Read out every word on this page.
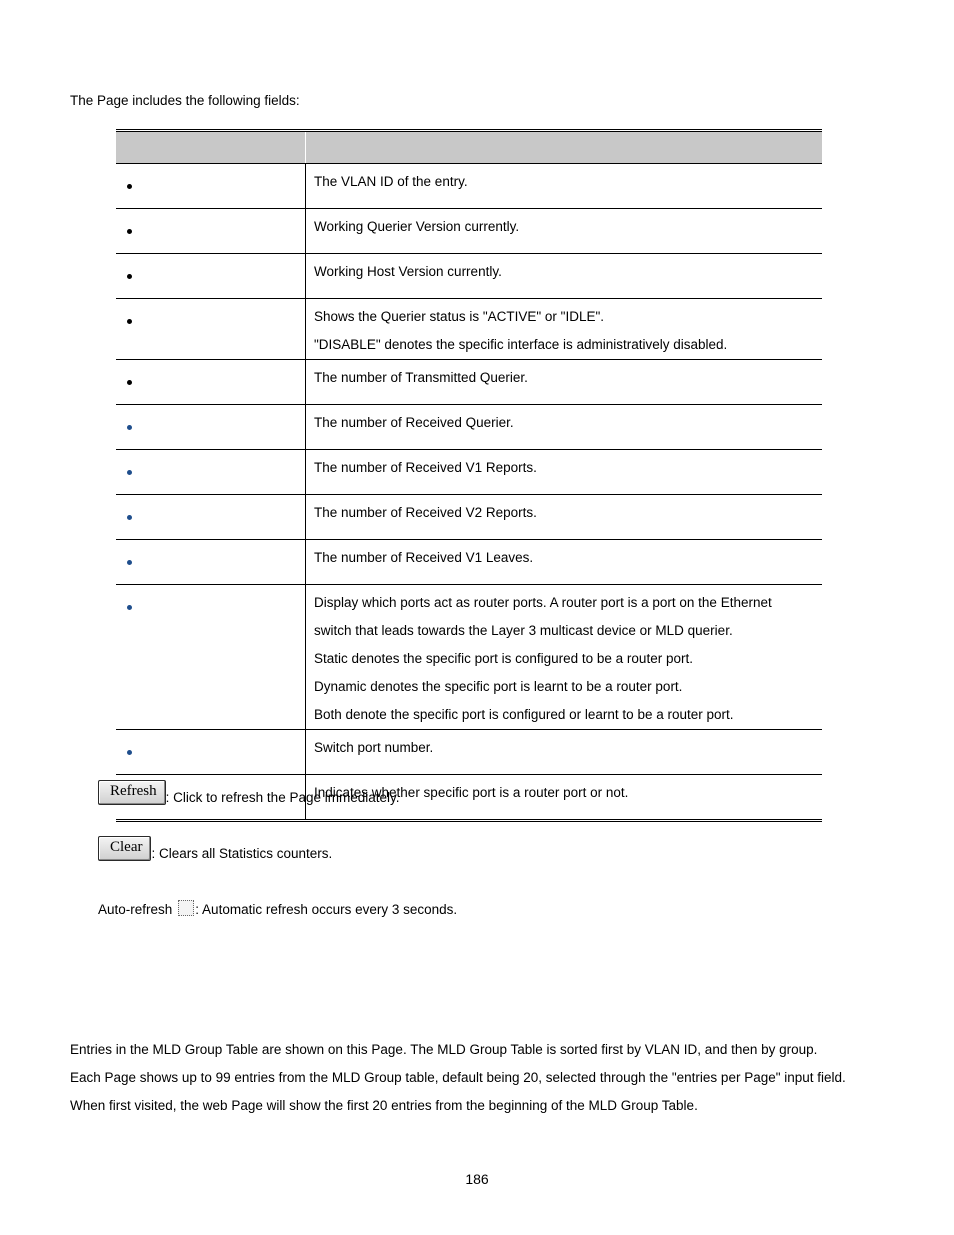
The Page includes the following fields:

	The VLAN ID of the entry.

	Working Querier Version currently.

	Working Host Version currently.

	Shows the Querier status is "ACTIVE" or "IDLE".
"DISABLE" denotes the specific interface is administratively disabled.

	The number of Transmitted Querier.

	The number of Received Querier.

	The number of Received V1 Reports.

	The number of Received V2 Reports.

	The number of Received V1 Leaves.

	Display which ports act as router ports. A router port is a port on the Ethernet
switch that leads towards the Layer 3 multicast device or MLD querier.
Static denotes the specific port is configured to be a router port.
Dynamic denotes the specific port is learnt to be a router port.
Both denote the specific port is configured or learnt to be a router port.

	Switch port number.

	Indicates whether specific port is a router port or not.
Refresh : Click to refresh the Page immediately.
Clear : Clears all Statistics counters.
Auto-refresh : Automatic refresh occurs every 3 seconds.
Entries in the MLD Group Table are shown on this Page. The MLD Group Table is sorted first by VLAN ID, and then by group.
Each Page shows up to 99 entries from the MLD Group table, default being 20, selected through the "entries per Page" input field.
When first visited, the web Page will show the first 20 entries from the beginning of the MLD Group Table.
186
